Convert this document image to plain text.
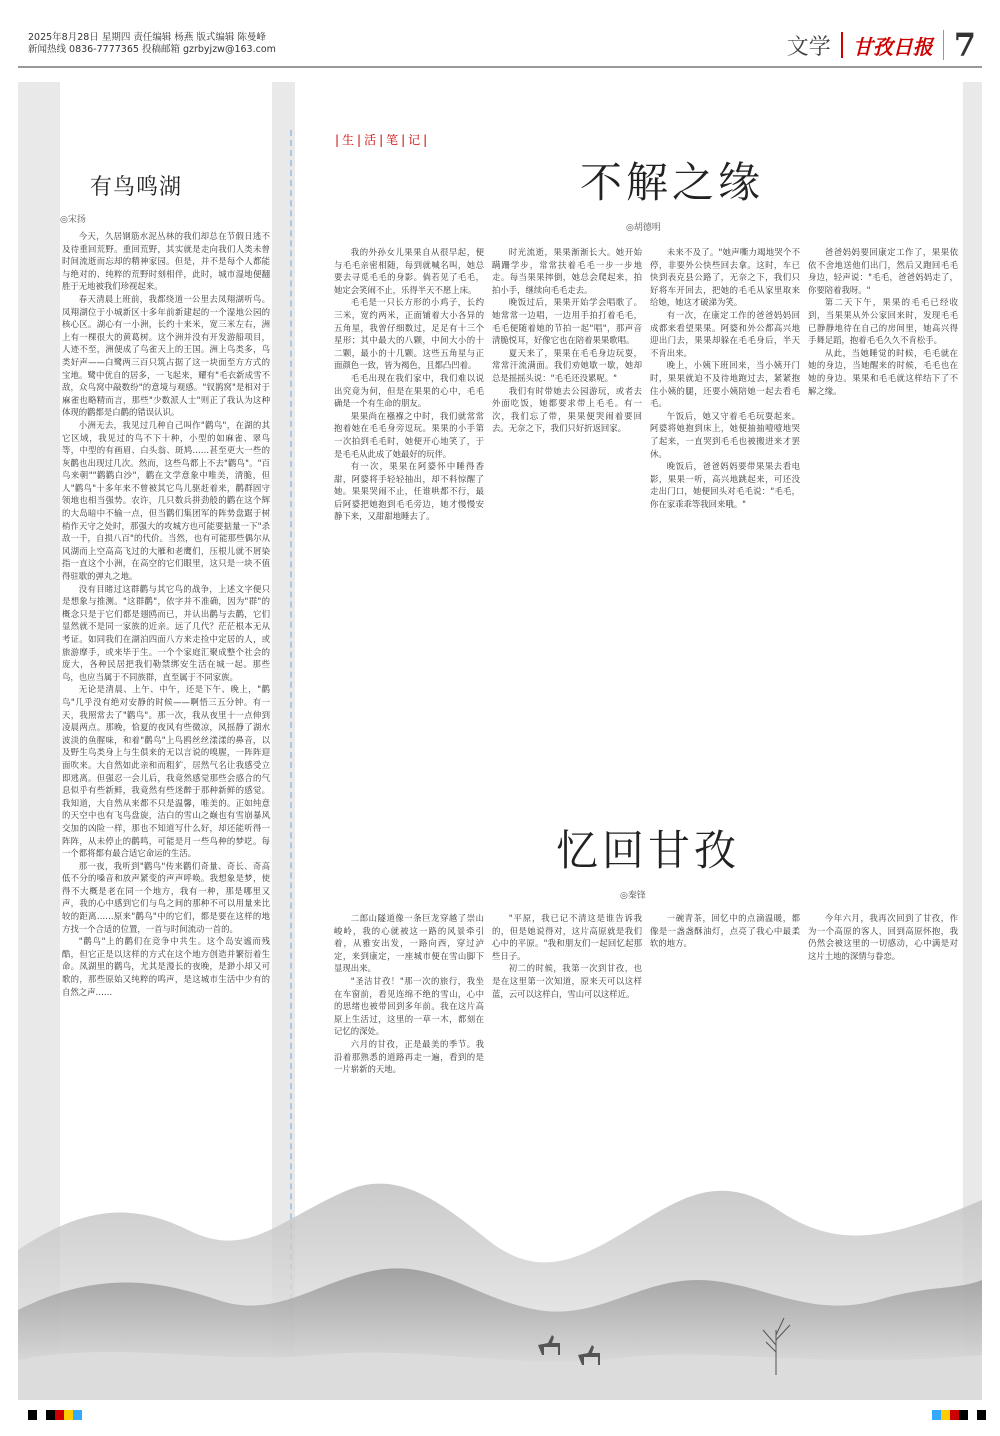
2025年8月28日 星期四 责任编辑 杨燕 版式编辑 陈曼峰
新闻热线 0836-7777365 投稿邮箱 gzrbyjzw@163.com	文学 甘孜日报 7
有鸟鸣湖
◎宋扬

今天，久居钢筋水泥丛林的我们却总在节假日逃不及待重回荒野。重回荒野，其实就是走向我们人类未曾时间流逝而忘却的精神家园。但是，并不是每个人都能与绝对的、纯粹的荒野时刻相伴，此时，城市湿地便翻胜于无地被我们珍视起来。

春天清晨上班前，我都绕道一公里去凤翔湖听鸟。凤翔湖位于小城新区十多年前新建起的一个湿地公园的核心区。湖心有一小洲，长约十来米，宽三米左右，洲上有一棵很大的黄葛树。这个洲并没有开发游船项目，人迹不至，洲便成了鸟雀天上的王国。洲上鸟类多，鸟类好声——白鹭两三百只筑占据了这一块面至方方式的宝地。鹭中优自的居多，一飞起来，耀有"毛衣新成雪不敌，众鸟窝中敲数纷"的意境与观感。"钗鹊窝"是相对于麻雀也略精而言，那些"少数派人士"则正了我认为这种体现的鹳都是白鹳的错误认识。

小洲无去，我见过几种自己叫作"鹳鸟"，在湖的其它区域，我见过的鸟不下十种，小型的如麻雀、翠鸟等，中型的有画眉、白头翁、斑鸠……甚至更大一些的灰鹳也出现过几次。然而，这些鸟都上不去"鹳鸟"。"百鸟来朝""鹳鹳白沙"，鹳在文学意象中唯美，清脆，但人"鹳鸟"十多年来不曾被其它鸟儿驱赶着来，鹳群固守领地也相当强势。农许，几只数兵拼劲般的鹳在这个辉的大岛暗中不输一点，但当鹳们集团军的阵势盘踞于树梢作天守之处时，那强大的攻城方也可能要掂量一下"杀敌一千，自损八百"的代价。当然，也有可能那些偶尔从风湖而上空高高飞过的大雁和老鹰们，压根儿就不屑染指一直这个小洲，在高空的它们眼里，这只是一块不值得驻歇的弹丸之地。

没有目睹过这群鹳与其它鸟的战争，上述文字便只是想象与推测。"这群鹳"，依字并不准确，因为"群"的概念只是于它们都是翅鸥而已，并认出鹳与去鹳，它们显然就不是同一家族的近亲。远了几代？茫茫根本无从考证。如同我们在湖泊四面八方来走捡中定居的人，或旅游摩手，或来毕于生。一个个家庭汇聚成整个社会的庞大，各种民居把我们勒禁绑安生活在城一起。那些鸟，也应当属于不同族群，直至属于不同家族。

无论是清晨、上午、中午，还是下午、晚上，"鹳鸟"几乎没有绝对安静的时候——啊悟三五分钟。有一天，我照常去了"鹳鸟"。那一次，我从夜里十一点伸到凌晨两点。那晚，恰夏的夜风有些微凉，风摇静了湖水波淡的鱼腥味，和着"鹳鸟"上鸟鸥丝丝漾漾的鼻音，以及野生鸟类身上与生俱来的无以言说的嗅腥，一阵阵迎面吹来。大自然如此亲和而粗犷，居然气名让我感受立即逃离。但强忍一会儿后，我竟然感觉那些会感合的气息似乎有些新鲜，我竟然有些迷醉于那种新鲜的感觉。我知道，大自然从来都不只是温馨，唯美的。正如纯意的天空中也有飞鸟盘旋，洁白的雪山之巅也有雪崩暴风交加的凶险一样，那也不知道写什么好，却还能听得一阵阵，从未停止的鹳鸣，可能是月一些鸟种的梦呓。每一个都将都有最合适它命运的生活。

那一夜，我听到"鹳鸟"传来鹳们奇量、奇长、奇高低不分的嗓音和放声紧变的声声呼唤。我想象是梦，使得不大概是老在同一个地方，我有一种，那是哪里又声，我的心中感到它们与鸟之间的那种不可以用量来比较的距离……原来"鹳鸟"中的它们，都是要在这样的地方找一个合适的位置，一首与时间流动一首的。

"鹳鸟"上的鹳们在竞争中共生。这个岛安谧而残酷，但它正是以这样的方式在这个地方创造并繁衍着生命。凤湖里的鹳鸟，尤其是漫长的夜晚，是渺小却又可歌的，那些原始又纯粹的鸣声，是这城市生活中少有的自然之声……

|生|活|笔|记|
不解之缘
◎胡德明

我的外孙女儿果果自从很早起，便与毛毛亲密相随，每到就喊名叫，她总要去寻觅毛毛的身影。倘若见了毛毛，她定会笑闹不止，乐得半天不愿上床。

毛毛是一只长方形的小鸡子，长约三米，宽约两米，正面铺着大小各异的五角星，我曾仔细数过，足足有十三个星形；其中最大的八颗，中间大小的十二颗，最小的十几颗。这些五角星与正面颜色一致，皆为褐色，且都凸凹着。

毛毛出现在我们家中，我们难以说出究竟为何，但是在果果的心中，毛毛确是一个有生命的朋友。

果果尚在襁褓之中时，我们就常常抱着她在毛毛身旁逗玩。果果的小手第一次拍到毛毛时，她便开心地笑了，于是毛毛从此成了她最好的玩伴。

有一次，果果在阿婆怀中睡得香甜，阿婆将手轻轻抽出，却不料惊醒了她。果果哭闹不止，任谁哄都不行，最后阿婆把她抱到毛毛旁边，她才慢慢安静下来，又甜甜地睡去了。

时光流逝，果果渐渐长大。她开始蹒跚学步，常常扶着毛毛一步一步地走。每当果果摔倒，她总会爬起来，拍拍小手，继续向毛毛走去。

晚饭过后，果果开始学会唱歌了。她常常一边唱，一边用手拍打着毛毛，毛毛便随着她的节拍一起"唱"，那声音清脆悦耳，好像它也在陪着果果歌唱。

夏天来了，果果在毛毛身边玩耍，常常汗流满面。我们劝她歇一歇，她却总是摇摇头说："毛毛还没累呢。"

我们有时带她去公园游玩，或者去外面吃饭，她都要求带上毛毛。有一次，我们忘了带，果果便哭闹着要回去。无奈之下，我们只好折返回家。

未来不及了。"她声嘶力竭地哭个不停，非要外公快些回去拿。这时，车已快到表克县公路了，无奈之下，我们只好将车开回去，把她的毛毛从家里取来给她，她这才破涕为笑。

有一次，在康定工作的爸爸妈妈回成都来看望果果。阿婆和外公都高兴地迎出门去，果果却躲在毛毛身后，半天不肯出来。

晚上，小姨下班回来，当小姨开门时，果果就迫不及待地跑过去，紧紧抱住小姨的腿，还要小姨陪她一起去看毛毛。

午饭后，她又守着毛毛玩耍起来。阿婆将她抱到床上，她便抽抽噎噎地哭了起来，一直哭到毛毛也被搬进来才罢休。

晚饭后，爸爸妈妈要带果果去看电影，果果一听，高兴地跳起来，可还没走出门口，她便回头对毛毛说："毛毛，你在家乖乖等我回来哦。"

爸爸妈妈要回康定工作了，果果依依不舍地送他们出门，然后又跑回毛毛身边，轻声说："毛毛，爸爸妈妈走了，你要陪着我呀。"

第二天下午，果果的毛毛已经收到，当果果从外公家回来时，发现毛毛已静静地待在自己的房间里，她高兴得手舞足蹈，抱着毛毛久久不肯松手。

从此，当她睡觉的时候，毛毛就在她的身边，当她醒来的时候，毛毛也在她的身边。果果和毛毛就这样结下了不解之缘。

忆回甘孜
◎秦锋

二郎山隧道像一条巨龙穿越了崇山峻岭，我的心就被这一路的风景牵引着，从雅安出发，一路向西，穿过泸定，来到康定，一座城市便在雪山脚下显现出来。

"圣洁甘孜！"那一次的旅行，我坐在车窗前，看见连绵不绝的雪山，心中的思绪也被带回到多年前。我在这片高原上生活过，这里的一草一木，都刻在记忆的深处。

六月的甘孜，正是最美的季节。我沿着那熟悉的道路再走一遍，看到的是一片崭新的天地。

"平原，我已记不清这是谁告诉我的，但是她说得对，这片高原就是我们心中的平原。"我和朋友们一起回忆起那些日子。

初二的时候，我第一次到甘孜，也是在这里第一次知道，原来天可以这样蓝，云可以这样白，雪山可以这样近。

一碗青茶，回忆中的点滴温暖，都像是一盏盏酥油灯，点亮了我心中最柔软的地方。

今年六月，我再次回到了甘孜，作为一个高原的客人，回到高原怀抱，我仍然会被这里的一切感动，心中满是对这片土地的深情与眷恋。
